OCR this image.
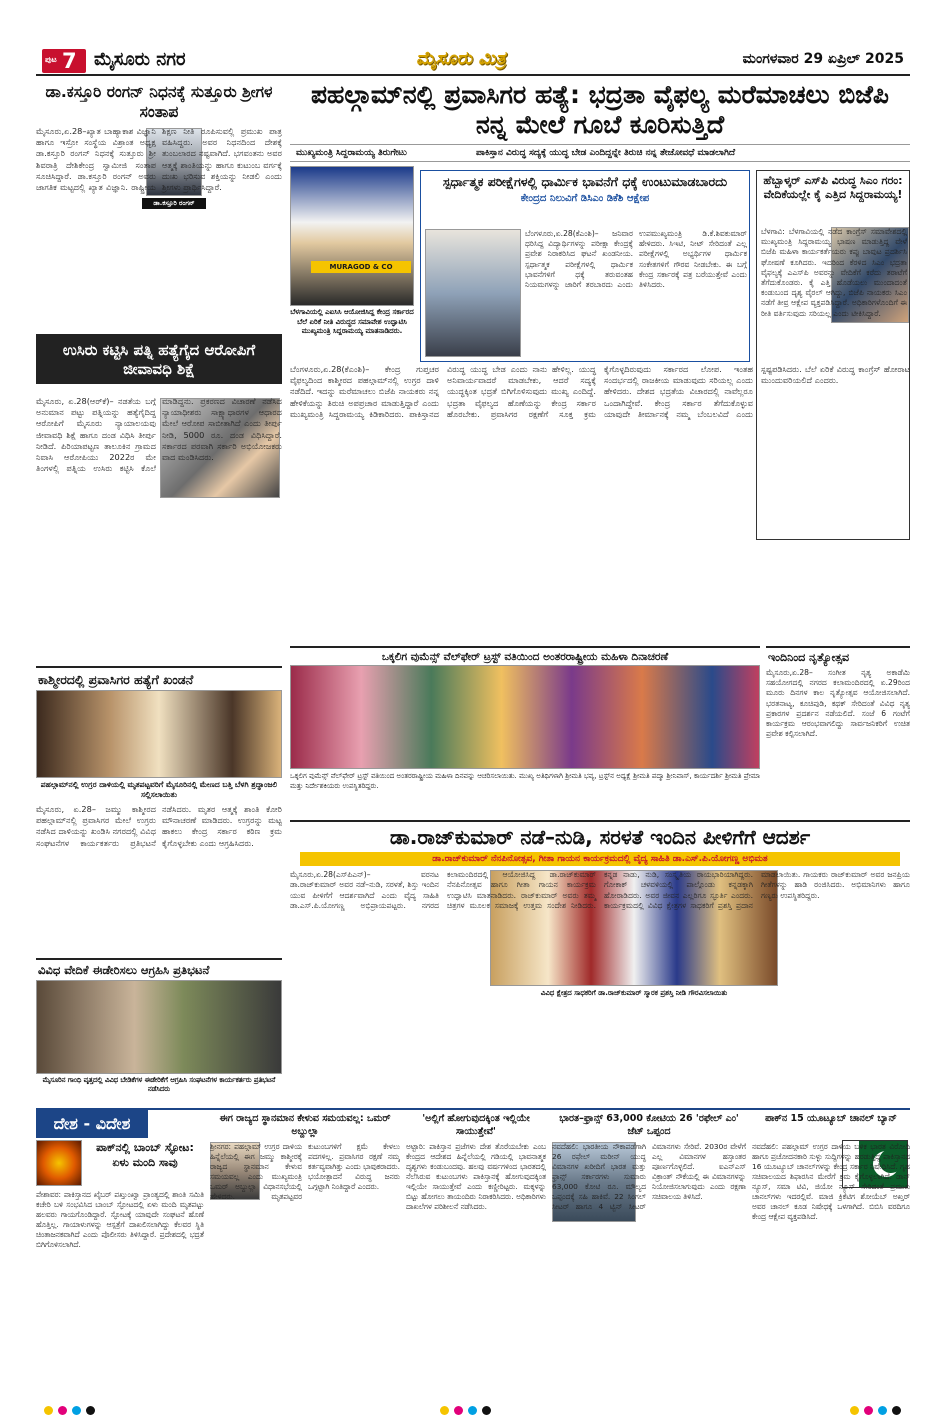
ಪುಟ 7 ಮೈಸೂರು ನಗರ	ಮೈಸೂರು ಮಿತ್ರ	ಮಂಗಳವಾರ 29 ಏಪ್ರಿಲ್ 2025
ಡಾ.ಕಸ್ತೂರಿ ರಂಗನ್ ನಿಧನಕ್ಕೆ ಸುತ್ತೂರು ಶ್ರೀಗಳ ಸಂತಾಪ
ಡಾ.ಕಸ್ತೂರಿ ರಂಗನ್
ಮೈಸೂರು,ಏ.28–ಖ್ಯಾತ ಬಾಹ್ಯಾಕಾಶ ವಿಜ್ಞಾನಿ ಹಾಗೂ ಇಸ್ರೋ ಸಂಸ್ಥೆಯ ವಿಶ್ರಾಂತ ಅಧ್ಯಕ್ಷ ಡಾ.ಕಸ್ತೂರಿ ರಂಗನ್ ನಿಧನಕ್ಕೆ ಸುತ್ತೂರು ಶ್ರೀ ಶಿವರಾತ್ರಿ ದೇಶಿಕೇಂದ್ರ ಸ್ವಾಮೀಜಿ ಸಂತಾಪ ಸೂಚಿಸಿದ್ದಾರೆ. ಡಾ.ಕಸ್ತೂರಿ ರಂಗನ್ ಅವರು ಜಾಗತಿಕ ಮಟ್ಟದಲ್ಲಿ ಖ್ಯಾತ ವಿಜ್ಞಾನಿ. ರಾಷ್ಟ್ರೀಯ ಶಿಕ್ಷಣ ನೀತಿ ರೂಪಿಸುವಲ್ಲಿ ಪ್ರಮುಖ ಪಾತ್ರ ವಹಿಸಿದ್ದರು. ಅವರ ನಿಧನದಿಂದ ದೇಶಕ್ಕೆ ತುಂಬಲಾರದ ನಷ್ಟವಾಗಿದೆ. ಭಗವಂತನು ಅವರ ಆತ್ಮಕ್ಕೆ ಶಾಂತಿಯನ್ನು ಹಾಗೂ ಕುಟುಂಬ ವರ್ಗಕ್ಕೆ ದುಃಖ ಭರಿಸುವ ಶಕ್ತಿಯನ್ನು ನೀಡಲಿ ಎಂದು ಶ್ರೀಗಳು ಪ್ರಾರ್ಥಿಸಿದ್ದಾರೆ.
ಉಸಿರು ಕಟ್ಟಿಸಿ ಪತ್ನಿ ಹತ್ಯೆಗೈದ ಆರೋಪಿಗೆ ಜೀವಾವಧಿ ಶಿಕ್ಷೆ
ಮೈಸೂರು, ಏ.28(ಆರ್‌ಕೆ)– ನಡತೆಯ ಬಗ್ಗೆ ಅನುಮಾನ ಪಟ್ಟು ಪತ್ನಿಯನ್ನು ಹತ್ಯೆಗೈದಿದ್ದ ಆರೋಪಿಗೆ ಮೈಸೂರು ನ್ಯಾಯಾಲಯವು ಜೀವಾವಧಿ ಶಿಕ್ಷೆ ಹಾಗೂ ದಂಡ ವಿಧಿಸಿ ತೀರ್ಪು ನೀಡಿದೆ. ಪಿರಿಯಾಪಟ್ಟಣ ತಾಲೂಕಿನ ಗ್ರಾಮದ ನಿವಾಸಿ ಆರೋಪಿಯು 2022ರ ಮೇ ತಿಂಗಳಲ್ಲಿ ಪತ್ನಿಯ ಉಸಿರು ಕಟ್ಟಿಸಿ ಕೊಲೆ ಮಾಡಿದ್ದನು. ಪ್ರಕರಣದ ವಿಚಾರಣೆ ನಡೆಸಿದ ನ್ಯಾಯಾಧೀಶರು ಸಾಕ್ಷ್ಯಾಧಾರಗಳ ಆಧಾರದ ಮೇಲೆ ಆರೋಪ ಸಾಬೀತಾಗಿದೆ ಎಂದು ತೀರ್ಪು ನೀಡಿ, 5000 ರೂ. ದಂಡ ವಿಧಿಸಿದ್ದಾರೆ. ಸರ್ಕಾರದ ಪರವಾಗಿ ಸರ್ಕಾರಿ ಅಭಿಯೋಜಕರು ವಾದ ಮಂಡಿಸಿದರು.
ಕಾಶ್ಮೀರದಲ್ಲಿ ಪ್ರವಾಸಿಗರ ಹತ್ಯೆಗೆ ಖಂಡನೆ
ಪಹಲ್ಗಾಮ್‌ನಲ್ಲಿ ಉಗ್ರರ ದಾಳಿಯಲ್ಲಿ ಮೃತಪಟ್ಟವರಿಗೆ ಮೈಸೂರಿನಲ್ಲಿ ಮೇಣದ ಬತ್ತಿ ಬೆಳಗಿ ಶ್ರದ್ಧಾಂಜಲಿ ಸಲ್ಲಿಸಲಾಯಿತು
ಮೈಸೂರು, ಏ.28– ಜಮ್ಮು ಕಾಶ್ಮೀರದ ಪಹಲ್ಗಾಮ್‌ನಲ್ಲಿ ಪ್ರವಾಸಿಗರ ಮೇಲೆ ಉಗ್ರರು ನಡೆಸಿದ ದಾಳಿಯನ್ನು ಖಂಡಿಸಿ ನಗರದಲ್ಲಿ ವಿವಿಧ ಸಂಘಟನೆಗಳ ಕಾರ್ಯಕರ್ತರು ಪ್ರತಿಭಟನೆ ನಡೆಸಿದರು. ಮೃತರ ಆತ್ಮಕ್ಕೆ ಶಾಂತಿ ಕೋರಿ ಮೌನಾಚರಣೆ ಮಾಡಿದರು. ಉಗ್ರರನ್ನು ಮಟ್ಟ ಹಾಕಲು ಕೇಂದ್ರ ಸರ್ಕಾರ ಕಠಿಣ ಕ್ರಮ ಕೈಗೊಳ್ಳಬೇಕು ಎಂದು ಆಗ್ರಹಿಸಿದರು.
ವಿವಿಧ ವೇದಿಕೆ ಈಡೇರಿಸಲು ಆಗ್ರಹಿಸಿ ಪ್ರತಿಭಟನೆ
ಮೈಸೂರಿನ ಗಾಂಧಿ ವೃತ್ತದಲ್ಲಿ ವಿವಿಧ ಬೇಡಿಕೆಗಳ ಈಡೇರಿಕೆಗೆ ಆಗ್ರಹಿಸಿ ಸಂಘಟನೆಗಳ ಕಾರ್ಯಕರ್ತರು ಪ್ರತಿಭಟನೆ ನಡೆಸಿದರು
ಪಹಲ್ಗಾಮ್‌ನಲ್ಲಿ ಪ್ರವಾಸಿಗರ ಹತ್ಯೆ: ಭದ್ರತಾ ವೈಫಲ್ಯ ಮರೆಮಾಚಲು ಬಿಜೆಪಿ ನನ್ನ ಮೇಲೆ ಗೂಬೆ ಕೂರಿಸುತ್ತಿದೆ
ಮುಖ್ಯಮಂತ್ರಿ ಸಿದ್ದರಾಮಯ್ಯ ತಿರುಗೇಟು	ಪಾಕಿಸ್ತಾನ ವಿರುದ್ಧ ಸದ್ಯಕ್ಕೆ ಯುದ್ಧ ಬೇಡ ಎಂದಿದ್ದನ್ನೇ ತಿರುಚಿ ನನ್ನ ತೇಜೋವಧೆ ಮಾಡಲಾಗಿದೆ
MURAGOD & CO
ಬೆಳಗಾವಿಯಲ್ಲಿ ಎಐಸಿಸಿ ಆಯೋಜಿಸಿದ್ದ ಕೇಂದ್ರ ಸರ್ಕಾರದ ಬೆಲೆ ಏರಿಕೆ ನೀತಿ ವಿರುದ್ಧದ ಸಮಾವೇಶ ಉದ್ಘಾಟಿಸಿ ಮುಖ್ಯಮಂತ್ರಿ ಸಿದ್ದರಾಮಯ್ಯ ಮಾತನಾಡಿದರು.
ಬೆಂಗಳೂರು,ಏ.28(ಕೆಎಂಶಿ)– ಕೇಂದ್ರ ಗುಪ್ತಚರ ವೈಫಲ್ಯದಿಂದ ಕಾಶ್ಮೀರದ ಪಹಲ್ಗಾಮ್‌ನಲ್ಲಿ ಉಗ್ರರ ದಾಳಿ ನಡೆದಿದೆ. ಇದನ್ನು ಮರೆಮಾಚಲು ಬಿಜೆಪಿ ನಾಯಕರು ನನ್ನ ಹೇಳಿಕೆಯನ್ನು ತಿರುಚಿ ಅಪಪ್ರಚಾರ ಮಾಡುತ್ತಿದ್ದಾರೆ ಎಂದು ಮುಖ್ಯಮಂತ್ರಿ ಸಿದ್ದರಾಮಯ್ಯ ಕಿಡಿಕಾರಿದರು. ಪಾಕಿಸ್ತಾನದ ವಿರುದ್ಧ ಯುದ್ಧ ಬೇಡ ಎಂದು ನಾನು ಹೇಳಿಲ್ಲ. ಯುದ್ಧ ಅನಿವಾರ್ಯವಾದರೆ ಮಾಡಬೇಕು, ಆದರೆ ಸದ್ಯಕ್ಕೆ ಯುದ್ಧಕ್ಕಿಂತ ಭದ್ರತೆ ಬಿಗಿಗೊಳಿಸುವುದು ಮುಖ್ಯ ಎಂದಿದ್ದೆ. ಭದ್ರತಾ ವೈಫಲ್ಯದ ಹೊಣೆಯನ್ನು ಕೇಂದ್ರ ಸರ್ಕಾರ ಹೊರಬೇಕು. ಪ್ರವಾಸಿಗರ ರಕ್ಷಣೆಗೆ ಸೂಕ್ತ ಕ್ರಮ ಕೈಗೊಳ್ಳದಿರುವುದು ಸರ್ಕಾರದ ಲೋಪ. ಇಂತಹ ಸಂದರ್ಭದಲ್ಲಿ ರಾಜಕೀಯ ಮಾಡುವುದು ಸರಿಯಲ್ಲ ಎಂದು ಹೇಳಿದರು. ದೇಶದ ಭದ್ರತೆಯ ವಿಚಾರದಲ್ಲಿ ನಾವೆಲ್ಲರೂ ಒಂದಾಗಿದ್ದೇವೆ. ಕೇಂದ್ರ ಸರ್ಕಾರ ತೆಗೆದುಕೊಳ್ಳುವ ಯಾವುದೇ ತೀರ್ಮಾನಕ್ಕೆ ನಮ್ಮ ಬೆಂಬಲವಿದೆ ಎಂದು ಸ್ಪಷ್ಟಪಡಿಸಿದರು. ಬೆಲೆ ಏರಿಕೆ ವಿರುದ್ಧ ಕಾಂಗ್ರೆಸ್ ಹೋರಾಟ ಮುಂದುವರಿಯಲಿದೆ ಎಂದರು.
ಸ್ಪರ್ಧಾತ್ಮಕ ಪರೀಕ್ಷೆಗಳಲ್ಲಿ ಧಾರ್ಮಿಕ ಭಾವನೆಗೆ ಧಕ್ಕೆ ಉಂಟುಮಾಡಬಾರದು
ಕೇಂದ್ರದ ನಿಲುವಿಗೆ ಡಿಸಿಎಂ ಡಿಕೆಶಿ ಆಕ್ಷೇಪ
ಬೆಂಗಳೂರು,ಏ.28(ಕೆಎಂಶಿ)– ಜನಿವಾರ ಧರಿಸಿದ್ದ ವಿದ್ಯಾರ್ಥಿಗಳನ್ನು ಪರೀಕ್ಷಾ ಕೇಂದ್ರಕ್ಕೆ ಪ್ರವೇಶ ನಿರಾಕರಿಸಿದ ಘಟನೆ ಖಂಡನೀಯ. ಸ್ಪರ್ಧಾತ್ಮಕ ಪರೀಕ್ಷೆಗಳಲ್ಲಿ ಧಾರ್ಮಿಕ ಭಾವನೆಗಳಿಗೆ ಧಕ್ಕೆ ತರುವಂತಹ ನಿಯಮಗಳನ್ನು ಜಾರಿಗೆ ತರಬಾರದು ಎಂದು ಉಪಮುಖ್ಯಮಂತ್ರಿ ಡಿ.ಕೆ.ಶಿವಕುಮಾರ್ ಹೇಳಿದರು. ಸಿಇಟಿ, ನೀಟ್ ಸೇರಿದಂತೆ ಎಲ್ಲ ಪರೀಕ್ಷೆಗಳಲ್ಲಿ ಅಭ್ಯರ್ಥಿಗಳ ಧಾರ್ಮಿಕ ಸಂಕೇತಗಳಿಗೆ ಗೌರವ ನೀಡಬೇಕು. ಈ ಬಗ್ಗೆ ಕೇಂದ್ರ ಸರ್ಕಾರಕ್ಕೆ ಪತ್ರ ಬರೆಯುತ್ತೇವೆ ಎಂದು ತಿಳಿಸಿದರು.
ಹೆಬ್ಬಾಳ್ಕರ್ ಎಸ್‌ಪಿ ವಿರುದ್ಧ ಸಿಎಂ ಗರಂ: ವೇದಿಕೆಯಲ್ಲೇ ಕೈ ಎತ್ತಿದ ಸಿದ್ದರಾಮಯ್ಯ!
ಬೆಳಗಾವಿ: ಬೆಳಗಾವಿಯಲ್ಲಿ ನಡೆದ ಕಾಂಗ್ರೆಸ್ ಸಮಾವೇಶದಲ್ಲಿ ಮುಖ್ಯಮಂತ್ರಿ ಸಿದ್ದರಾಮಯ್ಯ ಭಾಷಣ ಮಾಡುತ್ತಿದ್ದ ವೇಳೆ ಬಿಜೆಪಿ ಮಹಿಳಾ ಕಾರ್ಯಕರ್ತೆಯರು ಕಪ್ಪು ಬಾವುಟ ಪ್ರದರ್ಶಿಸಿ ಘೋಷಣೆ ಕೂಗಿದರು. ಇದರಿಂದ ಕೆರಳಿದ ಸಿಎಂ ಭದ್ರತಾ ವೈಫಲ್ಯಕ್ಕೆ ಎಎಸ್‌ಪಿ ಅವರನ್ನು ವೇದಿಕೆಗೆ ಕರೆದು ತರಾಟೆಗೆ ತೆಗೆದುಕೊಂಡರು. ಕೈ ಎತ್ತಿ ಹೊಡೆಯಲು ಮುಂದಾದಂತೆ ಕಂಡುಬಂದ ದೃಶ್ಯ ವೈರಲ್ ಆಗಿದ್ದು, ಬಿಜೆಪಿ ನಾಯಕರು ಸಿಎಂ ನಡೆಗೆ ತೀವ್ರ ಆಕ್ಷೇಪ ವ್ಯಕ್ತಪಡಿಸಿದ್ದಾರೆ. ಅಧಿಕಾರಿಗಳೊಂದಿಗೆ ಈ ರೀತಿ ವರ್ತಿಸುವುದು ಸರಿಯಲ್ಲ ಎಂದು ಟೀಕಿಸಿದ್ದಾರೆ.
ಒಕ್ಕಲಿಗ ವುಮೆನ್ಸ್ ವೆಲ್‌ಫೇರ್ ಟ್ರಸ್ಟ್ ವತಿಯಿಂದ ಅಂತರರಾಷ್ಟ್ರೀಯ ಮಹಿಳಾ ದಿನಾಚರಣೆ
ಒಕ್ಕಲಿಗ ವುಮೆನ್ಸ್ ವೆಲ್‌ಫೇರ್ ಟ್ರಸ್ಟ್ ವತಿಯಿಂದ ಅಂತರರಾಷ್ಟ್ರೀಯ ಮಹಿಳಾ ದಿನವನ್ನು ಆಚರಿಸಲಾಯಿತು. ಮುಖ್ಯ ಅತಿಥಿಗಳಾಗಿ ಶ್ರೀಮತಿ ಭವ್ಯ, ಟ್ರಸ್ಟ್‌ನ ಅಧ್ಯಕ್ಷೆ ಶ್ರೀಮತಿ ಪದ್ಮಾ ಶ್ರೀನಿವಾಸ್, ಕಾರ್ಯದರ್ಶಿ ಶ್ರೀಮತಿ ಪ್ರೇಮಾ ಮತ್ತು ನಿರ್ದೇಶಕಿಯರು ಉಪಸ್ಥಿತರಿದ್ದರು.
ಇಂದಿನಿಂದ ನೃತ್ಯೋತ್ಸವ
ಮೈಸೂರು,ಏ.28– ಸಂಗೀತ ನೃತ್ಯ ಅಕಾಡೆಮಿ ಸಹಯೋಗದಲ್ಲಿ ನಗರದ ಕಲಾಮಂದಿರದಲ್ಲಿ ಏ.29ರಿಂದ ಮೂರು ದಿನಗಳ ಕಾಲ ನೃತ್ಯೋತ್ಸವ ಆಯೋಜಿಸಲಾಗಿದೆ. ಭರತನಾಟ್ಯ, ಕೂಚಿಪುಡಿ, ಕಥಕ್ ಸೇರಿದಂತೆ ವಿವಿಧ ನೃತ್ಯ ಪ್ರಕಾರಗಳ ಪ್ರದರ್ಶನ ನಡೆಯಲಿದೆ. ಸಂಜೆ 6 ಗಂಟೆಗೆ ಕಾರ್ಯಕ್ರಮ ಆರಂಭವಾಗಲಿದ್ದು ಸಾರ್ವಜನಿಕರಿಗೆ ಉಚಿತ ಪ್ರವೇಶ ಕಲ್ಪಿಸಲಾಗಿದೆ.
ಡಾ.ರಾಜ್‌ಕುಮಾರ್ ನಡೆ–ನುಡಿ, ಸರಳತೆ ಇಂದಿನ ಪೀಳಿಗೆಗೆ ಆದರ್ಶ
ಡಾ.ರಾಜ್‌ಕುಮಾರ್ ನೆನಪಿನೋತ್ಸವ, ಗೀತಾ ಗಾಯನ ಕಾರ್ಯಕ್ರಮದಲ್ಲಿ ವೈದ್ಯ ಸಾಹಿತಿ ಡಾ.ಎಸ್.ಪಿ.ಯೋಗಣ್ಣ ಅಭಿಮತ
ವಿವಿಧ ಕ್ಷೇತ್ರದ ಸಾಧಕರಿಗೆ ಡಾ.ರಾಜ್‌ಕುಮಾರ್ ಸ್ಮಾರಕ ಪ್ರಶಸ್ತಿ ನೀಡಿ ಗೌರವಿಸಲಾಯಿತು
ಮೈಸೂರು,ಏ.28(ಎಸ್‌ಪಿಎನ್)– ವರನಟ ಡಾ.ರಾಜ್‌ಕುಮಾರ್ ಅವರ ನಡೆ–ನುಡಿ, ಸರಳತೆ, ಶಿಸ್ತು ಇಂದಿನ ಯುವ ಪೀಳಿಗೆಗೆ ಆದರ್ಶವಾಗಿದೆ ಎಂದು ವೈದ್ಯ ಸಾಹಿತಿ ಡಾ.ಎಸ್.ಪಿ.ಯೋಗಣ್ಣ ಅಭಿಪ್ರಾಯಪಟ್ಟರು. ನಗರದ ಕಲಾಮಂದಿರದಲ್ಲಿ ಆಯೋಜಿಸಿದ್ದ ಡಾ.ರಾಜ್‌ಕುಮಾರ್ ನೆನಪಿನೋತ್ಸವ ಹಾಗೂ ಗೀತಾ ಗಾಯನ ಕಾರ್ಯಕ್ರಮ ಉದ್ಘಾಟಿಸಿ ಮಾತನಾಡಿದರು. ರಾಜ್‌ಕುಮಾರ್ ಅವರು ತಮ್ಮ ಚಿತ್ರಗಳ ಮೂಲಕ ಸಮಾಜಕ್ಕೆ ಉತ್ತಮ ಸಂದೇಶ ನೀಡಿದರು. ಕನ್ನಡ ನಾಡು, ನುಡಿ, ಸಂಸ್ಕೃತಿಯ ರಾಯಭಾರಿಯಾಗಿದ್ದರು. ಗೋಕಾಕ್ ಚಳವಳಿಯಲ್ಲಿ ಪಾಲ್ಗೊಂಡು ಕನ್ನಡಕ್ಕಾಗಿ ಹೋರಾಡಿದರು. ಅವರ ಜೀವನ ಎಲ್ಲರಿಗೂ ಸ್ಫೂರ್ತಿ ಎಂದರು. ಕಾರ್ಯಕ್ರಮದಲ್ಲಿ ವಿವಿಧ ಕ್ಷೇತ್ರಗಳ ಸಾಧಕರಿಗೆ ಪ್ರಶಸ್ತಿ ಪ್ರದಾನ ಮಾಡಲಾಯಿತು. ಗಾಯಕರು ರಾಜ್‌ಕುಮಾರ್ ಅವರ ಜನಪ್ರಿಯ ಗೀತೆಗಳನ್ನು ಹಾಡಿ ರಂಜಿಸಿದರು. ಅಭಿಮಾನಿಗಳು ಹಾಗೂ ಗಣ್ಯರು ಉಪಸ್ಥಿತರಿದ್ದರು.
ದೇಶ - ವಿದೇಶ
ಪಾಕ್‌ನಲ್ಲಿ ಬಾಂಬ್ ಸ್ಫೋಟ: ಏಳು ಮಂದಿ ಸಾವು
ಪೇಶಾವರ: ಪಾಕಿಸ್ತಾನದ ಖೈಬರ್ ಪಖ್ತುಂಖ್ವಾ ಪ್ರಾಂತ್ಯದಲ್ಲಿ ಶಾಂತಿ ಸಮಿತಿ ಕಚೇರಿ ಬಳಿ ಸಂಭವಿಸಿದ ಬಾಂಬ್ ಸ್ಫೋಟದಲ್ಲಿ ಏಳು ಮಂದಿ ಮೃತಪಟ್ಟು ಹಲವರು ಗಾಯಗೊಂಡಿದ್ದಾರೆ. ಸ್ಫೋಟಕ್ಕೆ ಯಾವುದೇ ಸಂಘಟನೆ ಹೊಣೆ ಹೊತ್ತಿಲ್ಲ. ಗಾಯಾಳುಗಳನ್ನು ಆಸ್ಪತ್ರೆಗೆ ದಾಖಲಿಸಲಾಗಿದ್ದು ಕೆಲವರ ಸ್ಥಿತಿ ಚಿಂತಾಜನಕವಾಗಿದೆ ಎಂದು ಪೊಲೀಸರು ತಿಳಿಸಿದ್ದಾರೆ. ಪ್ರದೇಶದಲ್ಲಿ ಭದ್ರತೆ ಬಿಗಿಗೊಳಿಸಲಾಗಿದೆ.
ಈಗ ರಾಜ್ಯದ ಸ್ಥಾನಮಾನ ಕೇಳುವ ಸಮಯವಲ್ಲ: ಒಮರ್ ಅಬ್ದುಲ್ಲಾ
ಶ್ರೀನಗರ: ಪಹಲ್ಗಾಮ್ ಉಗ್ರರ ದಾಳಿಯ ಹಿನ್ನೆಲೆಯಲ್ಲಿ ಈಗ ಜಮ್ಮು ಕಾಶ್ಮೀರಕ್ಕೆ ರಾಜ್ಯದ ಸ್ಥಾನಮಾನ ಕೇಳುವ ಸಮಯವಲ್ಲ ಎಂದು ಮುಖ್ಯಮಂತ್ರಿ ಒಮರ್ ಅಬ್ದುಲ್ಲಾ ವಿಧಾನಸಭೆಯಲ್ಲಿ ಹೇಳಿದರು. ಮೃತಪಟ್ಟವರ ಕುಟುಂಬಗಳಿಗೆ ಕ್ಷಮೆ ಕೇಳಲು ಪದಗಳಿಲ್ಲ. ಪ್ರವಾಸಿಗರ ರಕ್ಷಣೆ ನಮ್ಮ ಕರ್ತವ್ಯವಾಗಿತ್ತು ಎಂದು ಭಾವುಕರಾದರು. ಭಯೋತ್ಪಾದನೆ ವಿರುದ್ಧ ಜನರು ಒಗ್ಗಟ್ಟಾಗಿ ನಿಂತಿದ್ದಾರೆ ಎಂದರು.
'ಅಲ್ಲಿಗೆ ಹೋಗುವುದಕ್ಕಿಂತ ಇಲ್ಲಿಯೇ ಸಾಯುತ್ತೇವೆ'
ಅಟ್ಟಾರಿ: ಪಾಕಿಸ್ತಾನ ಪ್ರಜೆಗಳು ದೇಶ ತೊರೆಯಬೇಕು ಎಂಬ ಕೇಂದ್ರದ ಆದೇಶದ ಹಿನ್ನೆಲೆಯಲ್ಲಿ ಗಡಿಯಲ್ಲಿ ಭಾವನಾತ್ಮಕ ದೃಶ್ಯಗಳು ಕಂಡುಬಂದವು. ಹಲವು ವರ್ಷಗಳಿಂದ ಭಾರತದಲ್ಲಿ ನೆಲೆಸಿರುವ ಕುಟುಂಬಗಳು ಪಾಕಿಸ್ತಾನಕ್ಕೆ ಹೋಗುವುದಕ್ಕಿಂತ ಇಲ್ಲಿಯೇ ಸಾಯುತ್ತೇವೆ ಎಂದು ಕಣ್ಣೀರಿಟ್ಟರು. ಮಕ್ಕಳನ್ನು ಬಿಟ್ಟು ಹೋಗಲು ತಾಯಂದಿರು ನಿರಾಕರಿಸಿದರು. ಅಧಿಕಾರಿಗಳು ದಾಖಲೆಗಳ ಪರಿಶೀಲನೆ ನಡೆಸಿದರು.
ಭಾರತ–ಫ್ರಾನ್ಸ್ 63,000 ಕೋಟಿಯ 26 'ರಫೇಲ್ ಎಂ' ಜೆಟ್ ಒಪ್ಪಂದ
ನವದೆಹಲಿ: ಭಾರತೀಯ ನೌಕಾಪಡೆಗಾಗಿ 26 ರಫೇಲ್ ಮರೀನ್ ಯುದ್ಧ ವಿಮಾನಗಳ ಖರೀದಿಗೆ ಭಾರತ ಮತ್ತು ಫ್ರಾನ್ಸ್ ಸರ್ಕಾರಗಳು ಸುಮಾರು 63,000 ಕೋಟಿ ರೂ. ಮೌಲ್ಯದ ಒಪ್ಪಂದಕ್ಕೆ ಸಹಿ ಹಾಕಿವೆ. 22 ಸಿಂಗಲ್ ಸೀಟರ್ ಹಾಗೂ 4 ಟ್ವಿನ್ ಸೀಟರ್ ವಿಮಾನಗಳು ಸೇರಿವೆ. 2030ರ ವೇಳೆಗೆ ಎಲ್ಲ ವಿಮಾನಗಳ ಹಸ್ತಾಂತರ ಪೂರ್ಣಗೊಳ್ಳಲಿದೆ. ಐಎನ್‌ಎಸ್ ವಿಕ್ರಾಂತ್ ನೌಕೆಯಲ್ಲಿ ಈ ವಿಮಾನಗಳನ್ನು ನಿಯೋಜಿಸಲಾಗುವುದು ಎಂದು ರಕ್ಷಣಾ ಸಚಿವಾಲಯ ತಿಳಿಸಿದೆ.
ಪಾಕ್‌ನ 15 ಯೂಟ್ಯೂಬ್ ಚಾನಲ್ ಬ್ಯಾನ್
ನವದೆಹಲಿ: ಪಹಲ್ಗಾಮ್ ಉಗ್ರರ ದಾಳಿಯ ಬಳಿಕ ಭಾರತ ವಿರೋಧಿ ಹಾಗೂ ಪ್ರಚೋದನಕಾರಿ ಸುಳ್ಳು ಸುದ್ದಿಗಳನ್ನು ಹರಡುತ್ತಿದ್ದ ಪಾಕಿಸ್ತಾನದ 16 ಯೂಟ್ಯೂಬ್ ಚಾನಲ್‌ಗಳನ್ನು ಕೇಂದ್ರ ಸರ್ಕಾರ ನಿಷೇಧಿಸಿದೆ. ಗೃಹ ಸಚಿವಾಲಯದ ಶಿಫಾರಸಿನ ಮೇರೆಗೆ ಕ್ರಮ ಕೈಗೊಳ್ಳಲಾಗಿದೆ. ಡಾನ್ ನ್ಯೂಸ್, ಸಮಾ ಟಿವಿ, ಜಿಯೋ ನ್ಯೂಸ್ ಸೇರಿದಂತೆ ಪ್ರಮುಖ ಚಾನಲ್‌ಗಳು ಇದರಲ್ಲಿವೆ. ಮಾಜಿ ಕ್ರಿಕೆಟಿಗ ಶೋಯೆಬ್ ಅಖ್ತರ್ ಅವರ ಚಾನಲ್ ಕೂಡ ನಿಷೇಧಕ್ಕೆ ಒಳಗಾಗಿದೆ. ಬಿಬಿಸಿ ವರದಿಗೂ ಕೇಂದ್ರ ಆಕ್ಷೇಪ ವ್ಯಕ್ತಪಡಿಸಿದೆ.
